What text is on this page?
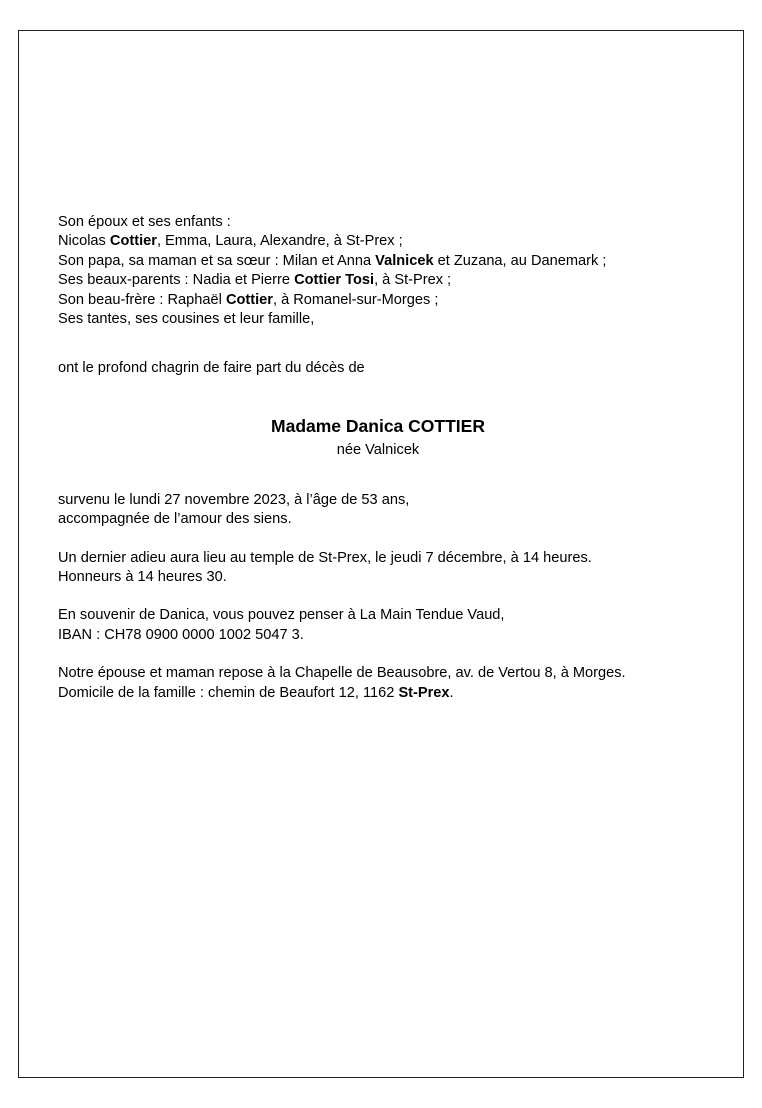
Son époux et ses enfants :
Nicolas Cottier, Emma, Laura, Alexandre, à St-Prex ;
Son papa, sa maman et sa sœur : Milan et Anna Valnicek et Zuzana, au Danemark ;
Ses beaux-parents : Nadia et Pierre Cottier Tosi, à St-Prex ;
Son beau-frère : Raphaël Cottier, à Romanel-sur-Morges ;
Ses tantes, ses cousines et leur famille,
ont le profond chagrin de faire part du décès de
Madame Danica COTTIER
née Valnicek
survenu le lundi 27 novembre 2023, à l’âge de 53 ans,
accompagnée de l’amour des siens.
Un dernier adieu aura lieu au temple de St-Prex, le jeudi 7 décembre, à 14 heures.
Honneurs à 14 heures 30.
En souvenir de Danica, vous pouvez penser à La Main Tendue Vaud,
IBAN : CH78 0900 0000 1002 5047 3.
Notre épouse et maman repose à la Chapelle de Beausobre, av. de Vertou 8, à Morges.
Domicile de la famille : chemin de Beaufort 12, 1162 St-Prex.
